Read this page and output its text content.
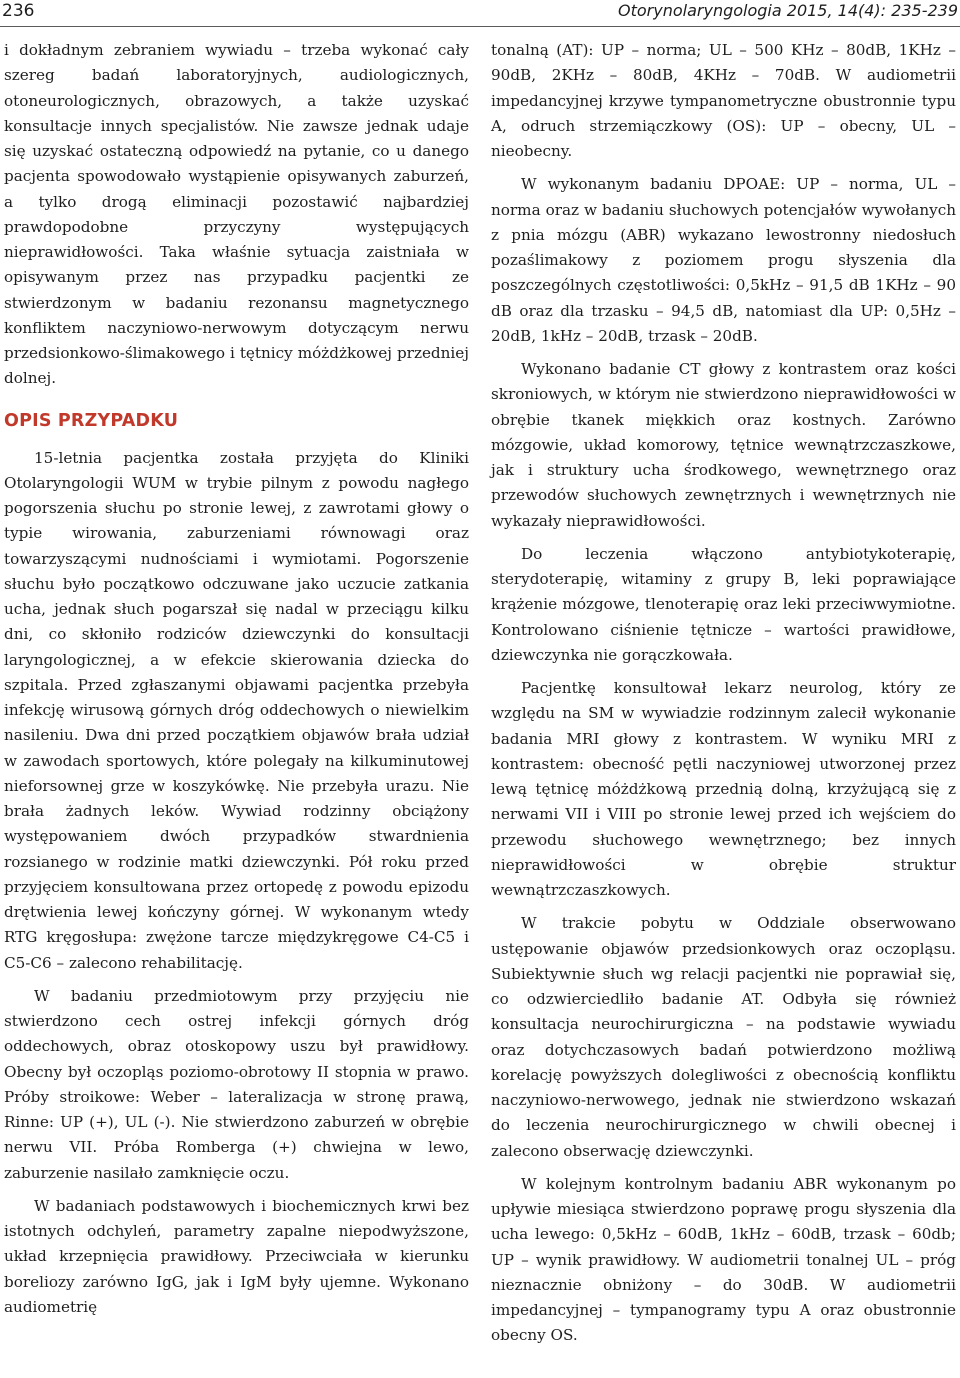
236	Otorynolaryngologia 2015, 14(4): 235-239

i dokładnym zebraniem wywiadu – trzeba wykonać cały szereg badań laboratoryjnych, audiologicznych, otoneurologicznych, obrazowych, a także uzyskać konsultacje innych specjalistów. Nie zawsze jednak udaje się uzyskać ostateczną odpowiedź na pytanie, co u danego pacjenta spowodowało wystąpienie opisywanych zaburzeń, a tylko drogą eliminacji pozostawić najbardziej prawdopodobne przyczyny występujących nieprawidłowości. Taka właśnie sytuacja zaistniała w opisywanym przez nas przypadku pacjentki ze stwierdzonym w badaniu rezonansu magnetycznego konfliktem naczyniowo-nerwowym dotyczącym nerwu przedsionkowo-ślimakowego i tętnicy móżdżkowej przedniej dolnej.

OPIS PRZYPADKU

15-letnia pacjentka została przyjęta do Kliniki Otolaryngologii WUM w trybie pilnym z powodu nagłego pogorszenia słuchu po stronie lewej, z zawrotami głowy o typie wirowania, zaburzeniami równowagi oraz towarzyszącymi nudnościami i wymiotami. Pogorszenie słuchu było początkowo odczuwane jako uczucie zatkania ucha, jednak słuch pogarszał się nadal w przeciągu kilku dni, co skłoniło rodziców dziewczynki do konsultacji laryngologicznej, a w efekcie skierowania dziecka do szpitala. Przed zgłaszanymi objawami pacjentka przebyła infekcję wirusową górnych dróg oddechowych o niewielkim nasileniu. Dwa dni przed początkiem objawów brała udział w zawodach sportowych, które polegały na kilkuminutowej nieforsownej grze w koszykówkę. Nie przebyła urazu. Nie brała żadnych leków. Wywiad rodzinny obciążony występowaniem dwóch przypadków stwardnienia rozsianego w rodzinie matki dziewczynki. Pół roku przed przyjęciem konsultowana przez ortopedę z powodu epizodu drętwienia lewej kończyny górnej. W wykonanym wtedy RTG kręgosłupa: zwężone tarcze międzykręgowe C4-C5 i C5-C6 – zalecono rehabilitację.

W badaniu przedmiotowym przy przyjęciu nie stwierdzono cech ostrej infekcji górnych dróg oddechowych, obraz otoskopowy uszu był prawidłowy. Obecny był oczopląs poziomo-obrotowy II stopnia w prawo. Próby stroikowe: Weber – lateralizacja w stronę prawą, Rinne: UP (+), UL (-). Nie stwierdzono zaburzeń w obrębie nerwu VII. Próba Romberga (+) chwiejna w lewo, zaburzenie nasilało zamknięcie oczu.

W badaniach podstawowych i biochemicznych krwi bez istotnych odchyleń, parametry zapalne niepodwyższone, układ krzepnięcia prawidłowy. Przeciwciała w kierunku boreliozy zarówno IgG, jak i IgM były ujemne. Wykonano audiometrię

tonalną (AT): UP – norma; UL – 500 KHz – 80dB, 1KHz – 90dB, 2KHz – 80dB, 4KHz – 70dB. W audiometrii impedancyjnej krzywe tympanometryczne obustronnie typu A, odruch strzemiączkowy (OS): UP – obecny, UL – nieobecny.

W wykonanym badaniu DPOAE: UP – norma, UL – norma oraz w badaniu słuchowych potencjałów wywołanych z pnia mózgu (ABR) wykazano lewostronny niedosłuch pozaślimakowy z poziomem progu słyszenia dla poszczególnych częstotliwości: 0,5kHz – 91,5 dB 1KHz – 90 dB oraz dla trzasku – 94,5 dB, natomiast dla UP: 0,5Hz – 20dB, 1kHz – 20dB, trzask – 20dB.

Wykonano badanie CT głowy z kontrastem oraz kości skroniowych, w którym nie stwierdzono nieprawidłowości w obrębie tkanek miękkich oraz kostnych. Zarówno mózgowie, układ komorowy, tętnice wewnątrzczaszkowe, jak i struktury ucha środkowego, wewnętrznego oraz przewodów słuchowych zewnętrznych i wewnętrznych nie wykazały nieprawidłowości.

Do leczenia włączono antybiotykoterapię, sterydoterapię, witaminy z grupy B, leki poprawiające krążenie mózgowe, tlenoterapię oraz leki przeciwwymiotne. Kontrolowano ciśnienie tętnicze – wartości prawidłowe, dziewczynka nie gorączkowała.

Pacjentkę konsultował lekarz neurolog, który ze względu na SM w wywiadzie rodzinnym zalecił wykonanie badania MRI głowy z kontrastem. W wyniku MRI z kontrastem: obecność pętli naczyniowej utworzonej przez lewą tętnicę móżdżkową przednią dolną, krzyżującą się z nerwami VII i VIII po stronie lewej przed ich wejściem do przewodu słuchowego wewnętrznego; bez innych nieprawidłowości w obrębie struktur wewnątrzczaszkowych.

W trakcie pobytu w Oddziale obserwowano ustępowanie objawów przedsionkowych oraz oczopląsu. Subiektywnie słuch wg relacji pacjentki nie poprawiał się, co odzwierciedliło badanie AT. Odbyła się również konsultacja neurochirurgiczna – na podstawie wywiadu oraz dotychczasowych badań potwierdzono możliwą korelację powyższych dolegliwości z obecnością konfliktu naczyniowo-nerwowego, jednak nie stwierdzono wskazań do leczenia neurochirurgicznego w chwili obecnej i zalecono obserwację dziewczynki.

W kolejnym kontrolnym badaniu ABR wykonanym po upływie miesiąca stwierdzono poprawę progu słyszenia dla ucha lewego: 0,5kHz – 60dB, 1kHz – 60dB, trzask – 60db; UP – wynik prawidłowy. W audiometrii tonalnej UL – próg nieznacznie obniżony – do 30dB. W audiometrii impedancyjnej – tympanogramy typu A oraz obustronnie obecny OS.
